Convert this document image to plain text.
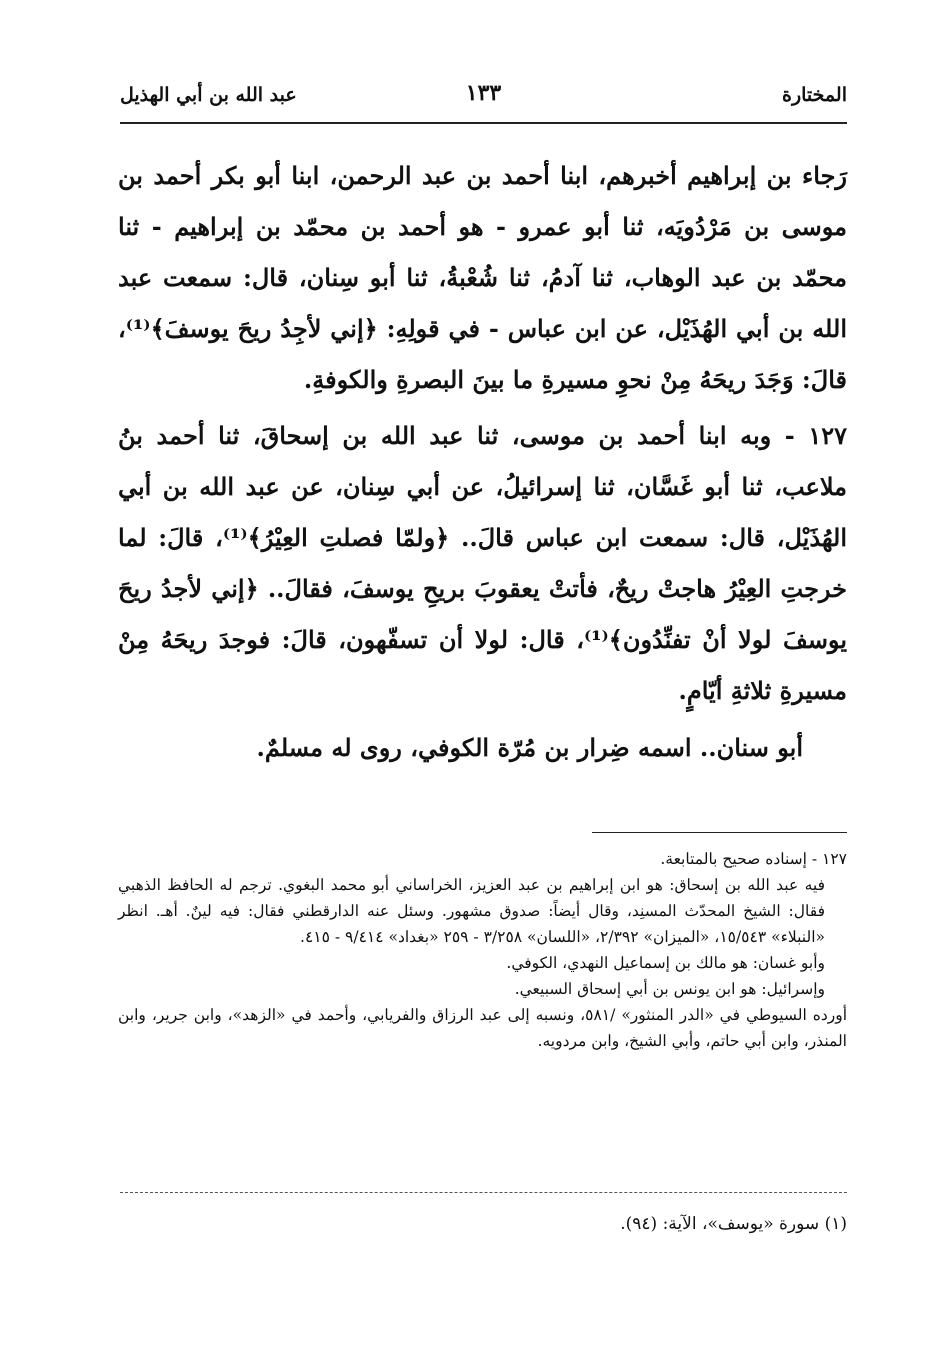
المختارة
١٣٣
عبد الله بن أبي الهذيل

رَجاء بن إبراهيم أخبرهم، ابنا أحمد بن عبد الرحمن، ابنا أبو بكر أحمد بن موسى بن مَرْدُويَه، ثنا أبو عمرو - هو أحمد بن محمّد بن إبراهيم - ثنا محمّد بن عبد الوهاب، ثنا آدمُ، ثنا شُعْبةُ، ثنا أبو سِنان، قال: سمعت عبد الله بن أبي الهُذَيْل، عن ابن عباس - في قولِهِ: ﴿إني لأجِدُ ريحَ يوسفَ﴾⁽¹⁾، قالَ: وَجَدَ ريحَهُ مِنْ نحوِ مسيرةِ ما بينَ البصرةِ والكوفةِ.

١٢٧ - وبه ابنا أحمد بن موسى، ثنا عبد الله بن إسحاقَ، ثنا أحمد بنُ ملاعب، ثنا أبو غَسَّان، ثنا إسرائيلُ، عن أبي سِنان، عن عبد الله بن أبي الهُذَيْل، قال: سمعت ابن عباس قالَ.. ﴿ولمّا فصلتِ العِيْرُ﴾⁽¹⁾، قالَ: لما خرجتِ العِيْرُ هاجتْ ريحٌ، فأتتْ يعقوبَ بريحِ يوسفَ، فقالَ.. ﴿إني لأجدُ ريحَ يوسفَ لولا أنْ تفنِّدُون﴾⁽¹⁾، قال: لولا أن تسفّهون، قالَ: فوجدَ ريحَهُ مِنْ مسيرةِ ثلاثةِ أيّامٍ.

أبو سنان.. اسمه ضِرار بن مُرّة الكوفي، روى له مسلمٌ.

١٢٧ - إسناده صحيح بالمتابعة.

فيه عبد الله بن إسحاق: هو ابن إبراهيم بن عبد العزيز، الخراساني أبو محمد البغوي. ترجم له الحافظ الذهبي فقال: الشيخ المحدّث المسنِد، وقال أيضاً: صدوق مشهور. وسئل عنه الدارقطني فقال: فيه لينٌ. أهـ. انظر «النبلاء» ١٥/٥٤٣، «الميزان» ٢/٣٩٢، «اللسان» ٣/٢٥٨ - ٢٥٩ «بغداد» ٩/٤١٤ - ٤١٥.

وأبو غسان: هو مالك بن إسماعيل النهدي، الكوفي.

وإسرائيل: هو ابن يونس بن أبي إسحاق السبيعي.

أورده السيوطي في «الدر المنثور» /٥٨١، ونسبه إلى عبد الرزاق والفريابي، وأحمد في «الزهد»، وابن جرير، وابن المنذر، وابن أبي حاتم، وأبي الشيخ، وابن مردويه.

(١) سورة «يوسف»، الآية: (٩٤).
